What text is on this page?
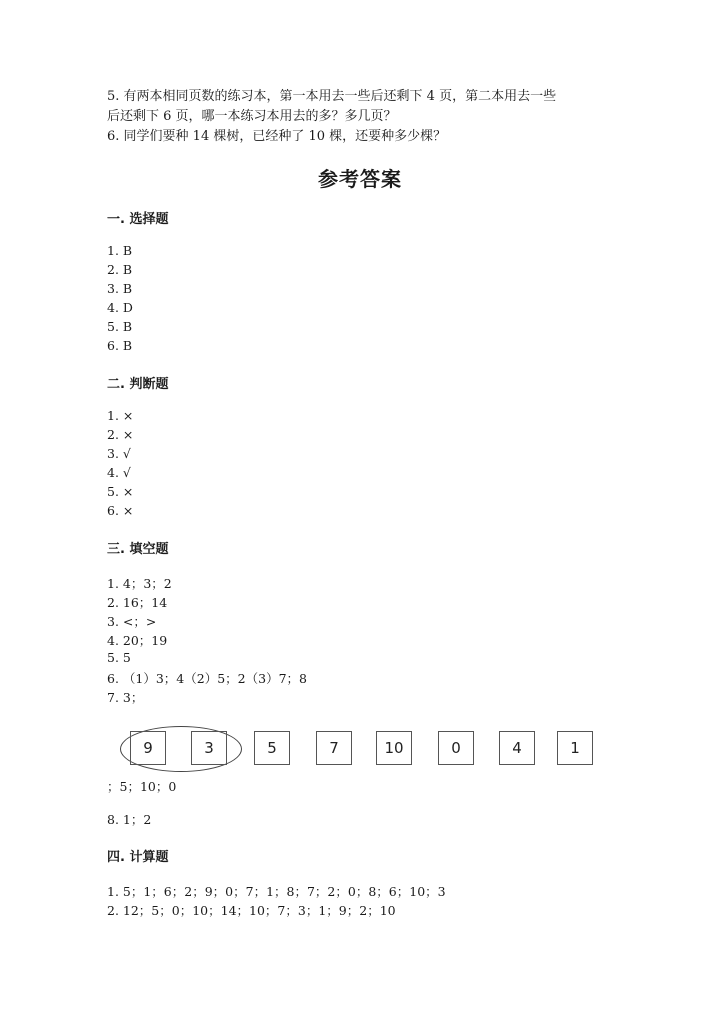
5. 有两本相同页数的练习本，第一本用去一些后还剩下 4 页，第二本用去一些
后还剩下 6 页，哪一本练习本用去的多？多几页？
6. 同学们要种 14 棵树，已经种了 10 棵，还要种多少棵？
参考答案
一. 选择题
1. B
2. B
3. B
4. D
5. B
6. B
二. 判断题
1. ×
2. ×
3. √
4. √
5. ×
6. ×
三. 填空题
1. 4；3；2
2. 16；14
3. <；>
4. 20；19
5. 5
6. （1）3；4（2）5；2（3）7；8
7. 3；
9	3	5	7	10	0	4	1
；5；10；0
8. 1；2
四. 计算题
1. 5；1；6；2；9；0；7；1；8；7；2；0；8；6；10；3
2. 12；5；0；10；14；10；7；3；1；9；2；10
